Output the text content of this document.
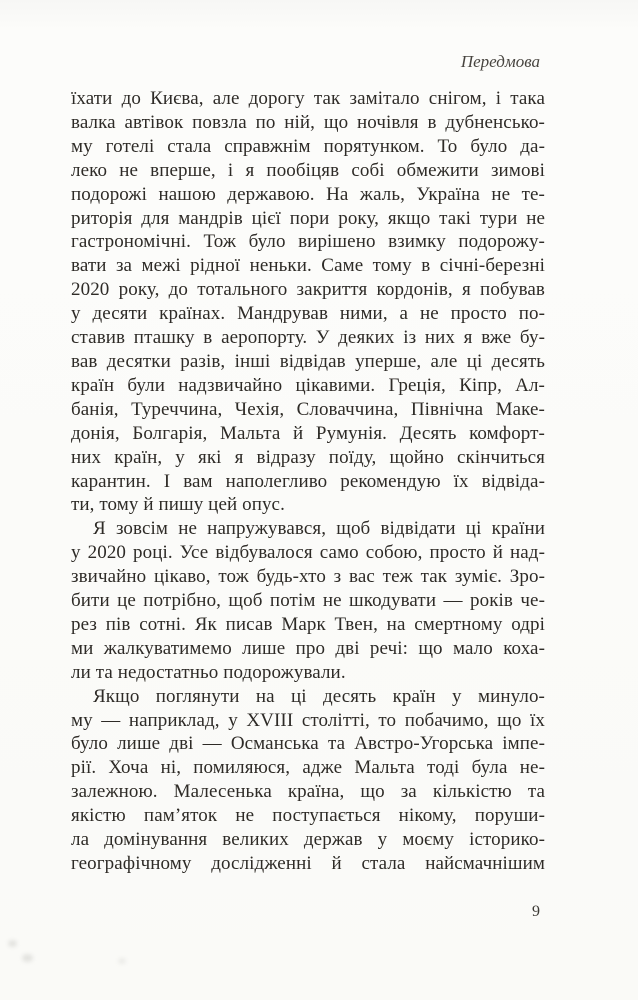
Передмова
їхати до Києва, але дорогу так замітало снігом, і така
валка автівок повзла по ній, що ночівля в дубненсько-
му готелі стала справжнім порятунком. То було да-
леко не вперше, і я пообіцяв собі обмежити зимові
подорожі нашою державою. На жаль, Україна не те-
риторія для мандрів цієї пори року, якщо такі тури не
гастрономічні. Тож було вирішено взимку подорожу-
вати за межі рідної неньки. Саме тому в січні-березні
2020 року, до тотального закриття кордонів, я побував
у десяти країнах. Мандрував ними, а не просто по-
ставив пташку в аеропорту. У деяких із них я вже бу-
вав десятки разів, інші відвідав уперше, але ці десять
країн були надзвичайно цікавими. Греція, Кіпр, Ал-
банія, Туреччина, Чехія, Словаччина, Північна Маке-
донія, Болгарія, Мальта й Румунія. Десять комфорт-
них країн, у які я відразу поїду, щойно скінчиться
карантин. І вам наполегливо рекомендую їх відвіда-
ти, тому й пишу цей опус.
Я зовсім не напружувався, щоб відвідати ці країни
у 2020 році. Усе відбувалося само собою, просто й над-
звичайно цікаво, тож будь-хто з вас теж так зуміє. Зро-
бити це потрібно, щоб потім не шкодувати — років че-
рез пів сотні. Як писав Марк Твен, на смертному одрі
ми жалкуватимемо лише про дві речі: що мало коха-
ли та недостатньо подорожували.
Якщо поглянути на ці десять країн у минуло-
му — наприклад, у XVIII столітті, то побачимо, що їх
було лише дві — Османська та Австро-Угорська імпе-
рії. Хоча ні, помиляюся, адже Мальта тоді була не-
залежною. Малесенька країна, що за кількістю та
якістю пам’яток не поступається нікому, поруши-
ла домінування великих держав у моєму історико-
географічному дослідженні й стала найсмачнішим
9
